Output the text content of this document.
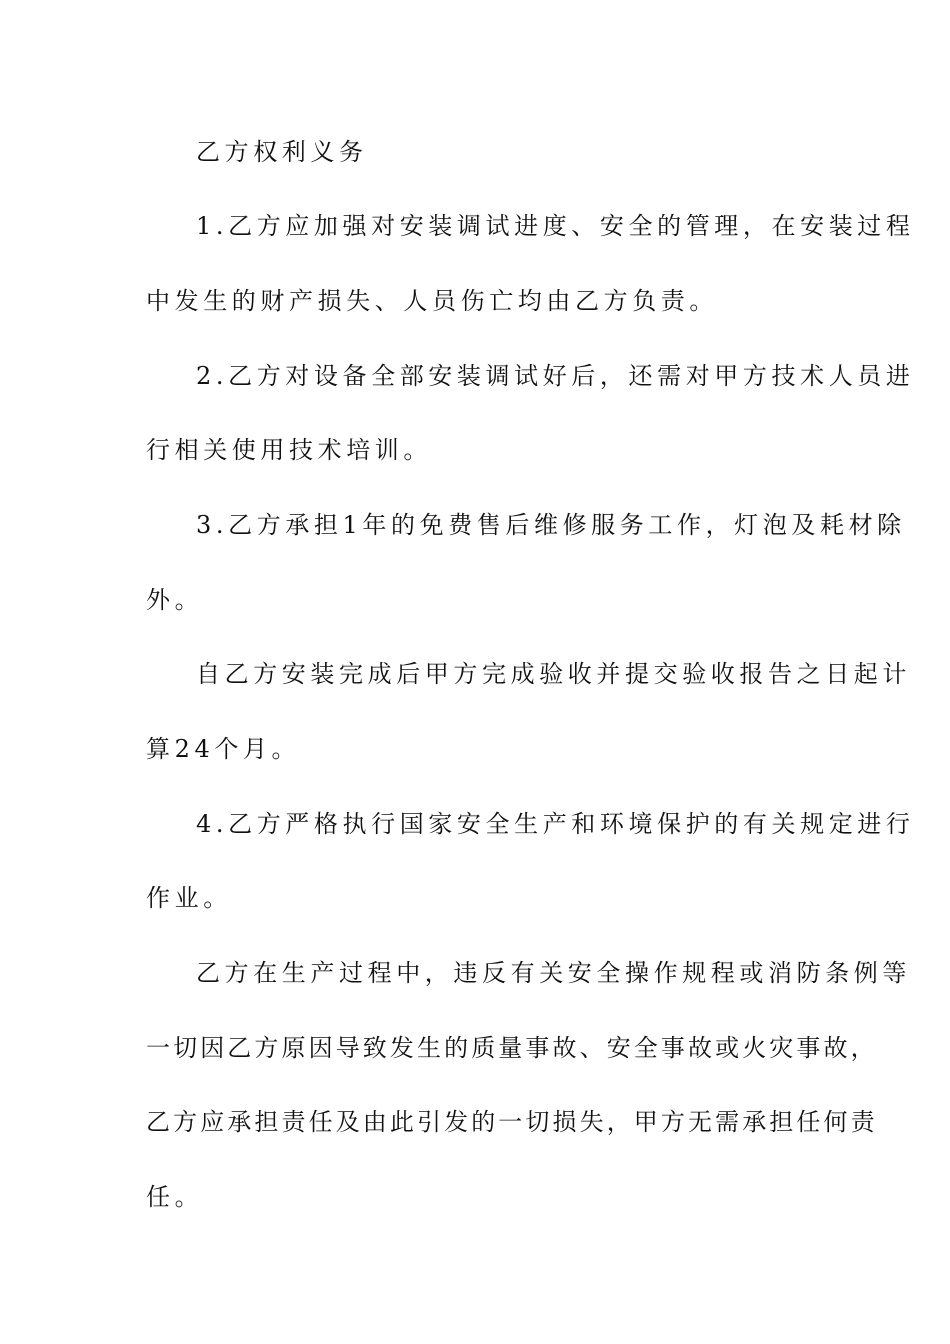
乙方权利义务
1.乙方应加强对安装调试进度、安全的管理，在安装过程
中发生的财产损失、人员伤亡均由乙方负责。
2.乙方对设备全部安装调试好后，还需对甲方技术人员进
行相关使用技术培训。
3.乙方承担1年的免费售后维修服务工作，灯泡及耗材除
外。
自乙方安装完成后甲方完成验收并提交验收报告之日起计
算24个月。
4.乙方严格执行国家安全生产和环境保护的有关规定进行
作业。
乙方在生产过程中，违反有关安全操作规程或消防条例等
一切因乙方原因导致发生的质量事故、安全事故或火灾事故，
乙方应承担责任及由此引发的一切损失，甲方无需承担任何责
任。
